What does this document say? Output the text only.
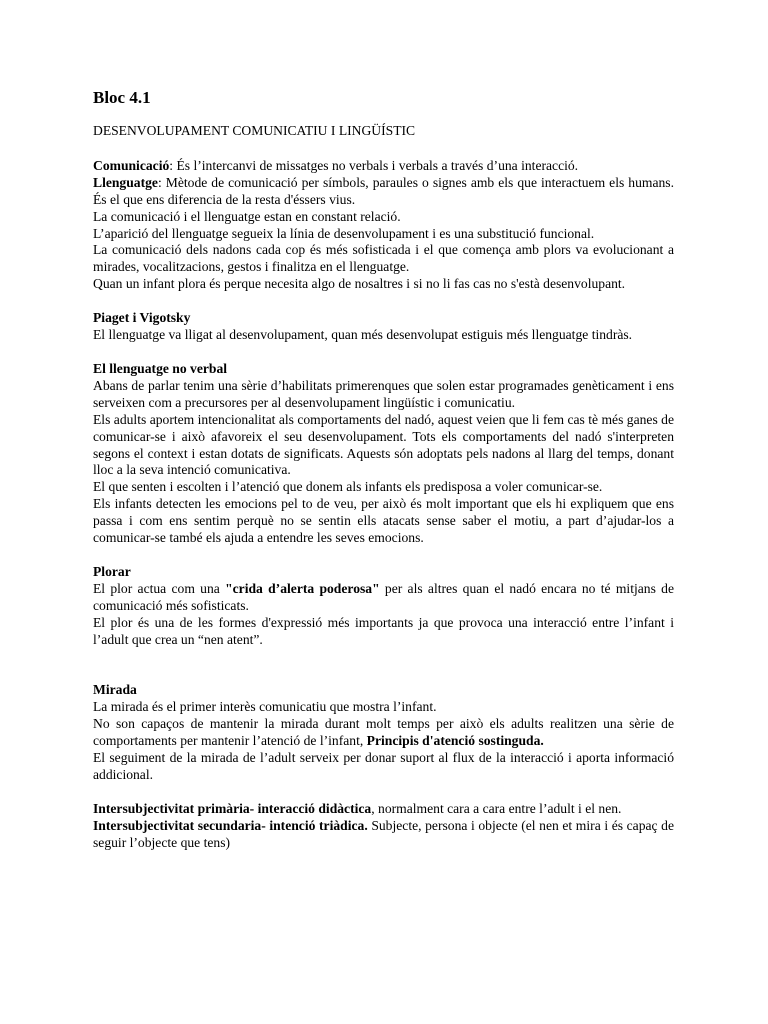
Bloc 4.1
DESENVOLUPAMENT COMUNICATIU I LINGÜÍSTIC

Comunicació: És l’intercanvi de missatges no verbals i verbals a través d’una interacció.

Llenguatge: Mètode de comunicació per símbols, paraules o signes amb els que interactuem els humans. És el que ens diferencia de la resta d'éssers vius.

La comunicació i el llenguatge estan en constant relació.

L’aparició del llenguatge segueix la línia de desenvolupament i es una substitució funcional.

La comunicació dels nadons cada cop és més sofisticada i el que comença amb plors va evolucionant a mirades, vocalitzacions, gestos i finalitza en el llenguatge.

Quan un infant plora és perque necesita algo de nosaltres i si no li fas cas no s'està desenvolupant.

Piaget i Vigotsky

El llenguatge va lligat al desenvolupament, quan més desenvolupat estiguis més llenguatge tindràs.

El llenguatge no verbal

Abans de parlar tenim una sèrie d’habilitats primerenques que solen estar programades genèticament i ens serveixen com a precursores per al desenvolupament lingüístic i comunicatiu.

Els adults aportem intencionalitat als comportaments del nadó, aquest veien que li fem cas tè més ganes de comunicar-se i això afavoreix el seu desenvolupament. Tots els comportaments del nadó s'interpreten segons el context i estan dotats de significats. Aquests són adoptats pels nadons al llarg del temps, donant lloc a la seva intenció comunicativa.

El que senten i escolten i l’atenció que donem als infants els predisposa a voler comunicar-se.

Els infants detecten les emocions pel to de veu, per això és molt important que els hi expliquem que ens passa i com ens sentim perquè no se sentin ells atacats sense saber el motiu, a part d’ajudar-los a comunicar-se també els ajuda a entendre les seves emocions.

Plorar

El plor actua com una "crida d’alerta poderosa" per als altres quan el nadó encara no té mitjans de comunicació més sofisticats.

El plor és una de les formes d'expressió més importants ja que provoca una interacció entre l’infant i l’adult que crea un “nen atent”.

Mirada

La mirada és el primer interès comunicatiu que mostra l’infant.

No son capaços de mantenir la mirada durant molt temps per això els adults realitzen una sèrie de comportaments per mantenir l’atenció de l’infant, Principis d'atenció sostinguda.

El seguiment de la mirada de l’adult serveix per donar suport al flux de la interacció i aporta informació addicional.

Intersubjectivitat primària- interacció didàctica, normalment cara a cara entre l’adult i el nen.

Intersubjectivitat secundaria- intenció triàdica. Subjecte, persona i objecte (el nen et mira i és capaç de seguir l’objecte que tens)
